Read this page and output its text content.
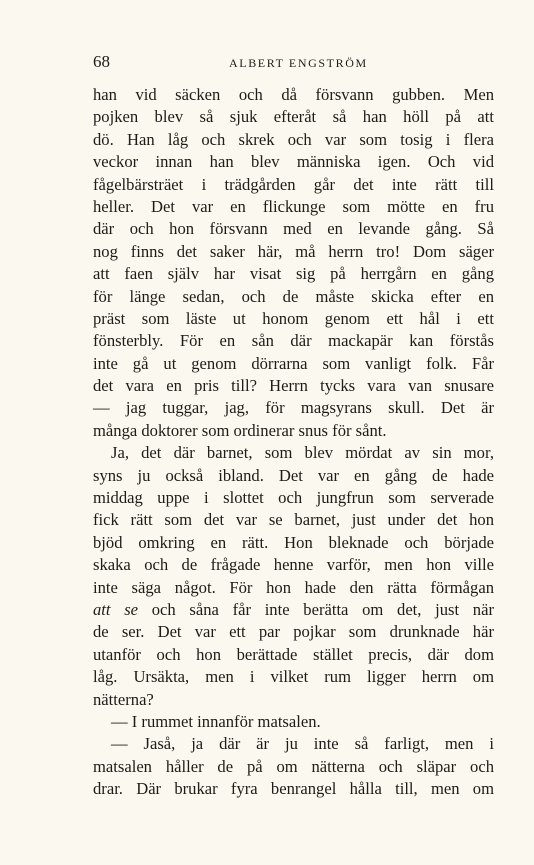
68	ALBERT ENGSTRÖM
han vid säcken och då försvann gubben. Men
pojken blev så sjuk efteråt så han höll på att
dö. Han låg och skrek och var som tosig i flera
veckor innan han blev människa igen. Och vid
fågelbärsträet i trädgården går det inte rätt till
heller. Det var en flickunge som mötte en fru
där och hon försvann med en levande gång. Så
nog finns det saker här, må herrn tro! Dom säger
att faen själv har visat sig på herrgårn en gång
för länge sedan, och de måste skicka efter en
präst som läste ut honom genom ett hål i ett
fönsterbly. För en sån där mackapär kan förstås
inte gå ut genom dörrarna som vanligt folk. Får
det vara en pris till? Herrn tycks vara van snusare
— jag tuggar, jag, för magsyrans skull. Det är
många doktorer som ordinerar snus för sånt.
Ja, det där barnet, som blev mördat av sin mor,
syns ju också ibland. Det var en gång de hade
middag uppe i slottet och jungfrun som serverade
fick rätt som det var se barnet, just under det hon
bjöd omkring en rätt. Hon bleknade och började
skaka och de frågade henne varför, men hon ville
inte säga något. För hon hade den rätta förmågan
att se och såna får inte berätta om det, just när
de ser. Det var ett par pojkar som drunknade här
utanför och hon berättade stället precis, där dom
låg. Ursäkta, men i vilket rum ligger herrn om
nätterna?
— I rummet innanför matsalen.
— Jaså, ja där är ju inte så farligt, men i
matsalen håller de på om nätterna och släpar och
drar. Där brukar fyra benrangel hålla till, men om
